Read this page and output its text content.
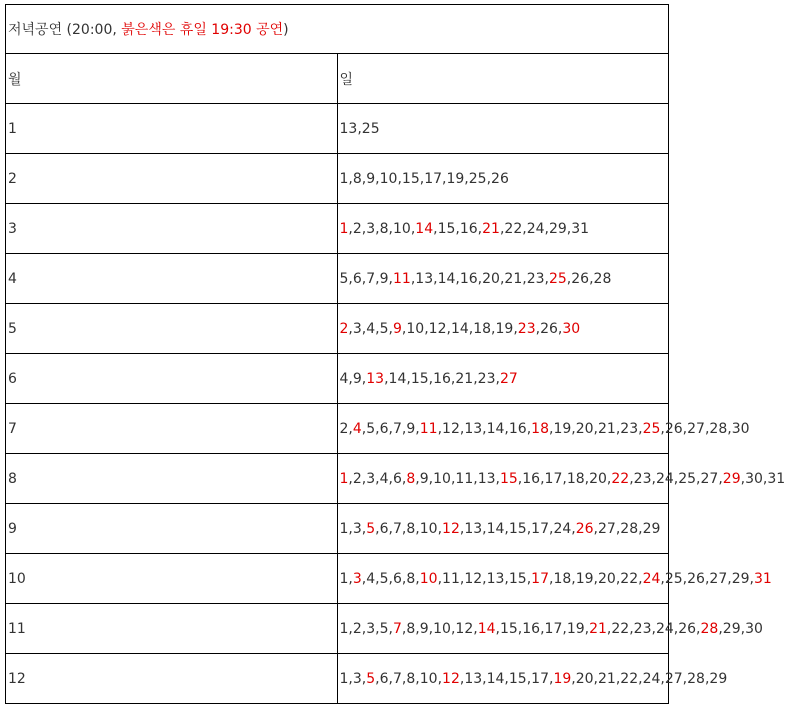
저녁공연 (20:00, 붉은색은 휴일 19:30 공연)	
월	일
1	13,25
2	1,8,9,10,15,17,19,25,26
3	1,2,3,8,10,14,15,16,21,22,24,29,31
4	5,6,7,9,11,13,14,16,20,21,23,25,26,28
5	2,3,4,5,9,10,12,14,18,19,23,26,30
6	4,9,13,14,15,16,21,23,27
7	2,4,5,6,7,9,11,12,13,14,16,18,19,20,21,23,25,26,27,28,30
8	1,2,3,4,6,8,9,10,11,13,15,16,17,18,20,22,23,24,25,27,29,30,31
9	1,3,5,6,7,8,10,12,13,14,15,17,24,26,27,28,29
10	1,3,4,5,6,8,10,11,12,13,15,17,18,19,20,22,24,25,26,27,29,31
11	1,2,3,5,7,8,9,10,12,14,15,16,17,19,21,22,23,24,26,28,29,30
12	1,3,5,6,7,8,10,12,13,14,15,17,19,20,21,22,24,27,28,29
